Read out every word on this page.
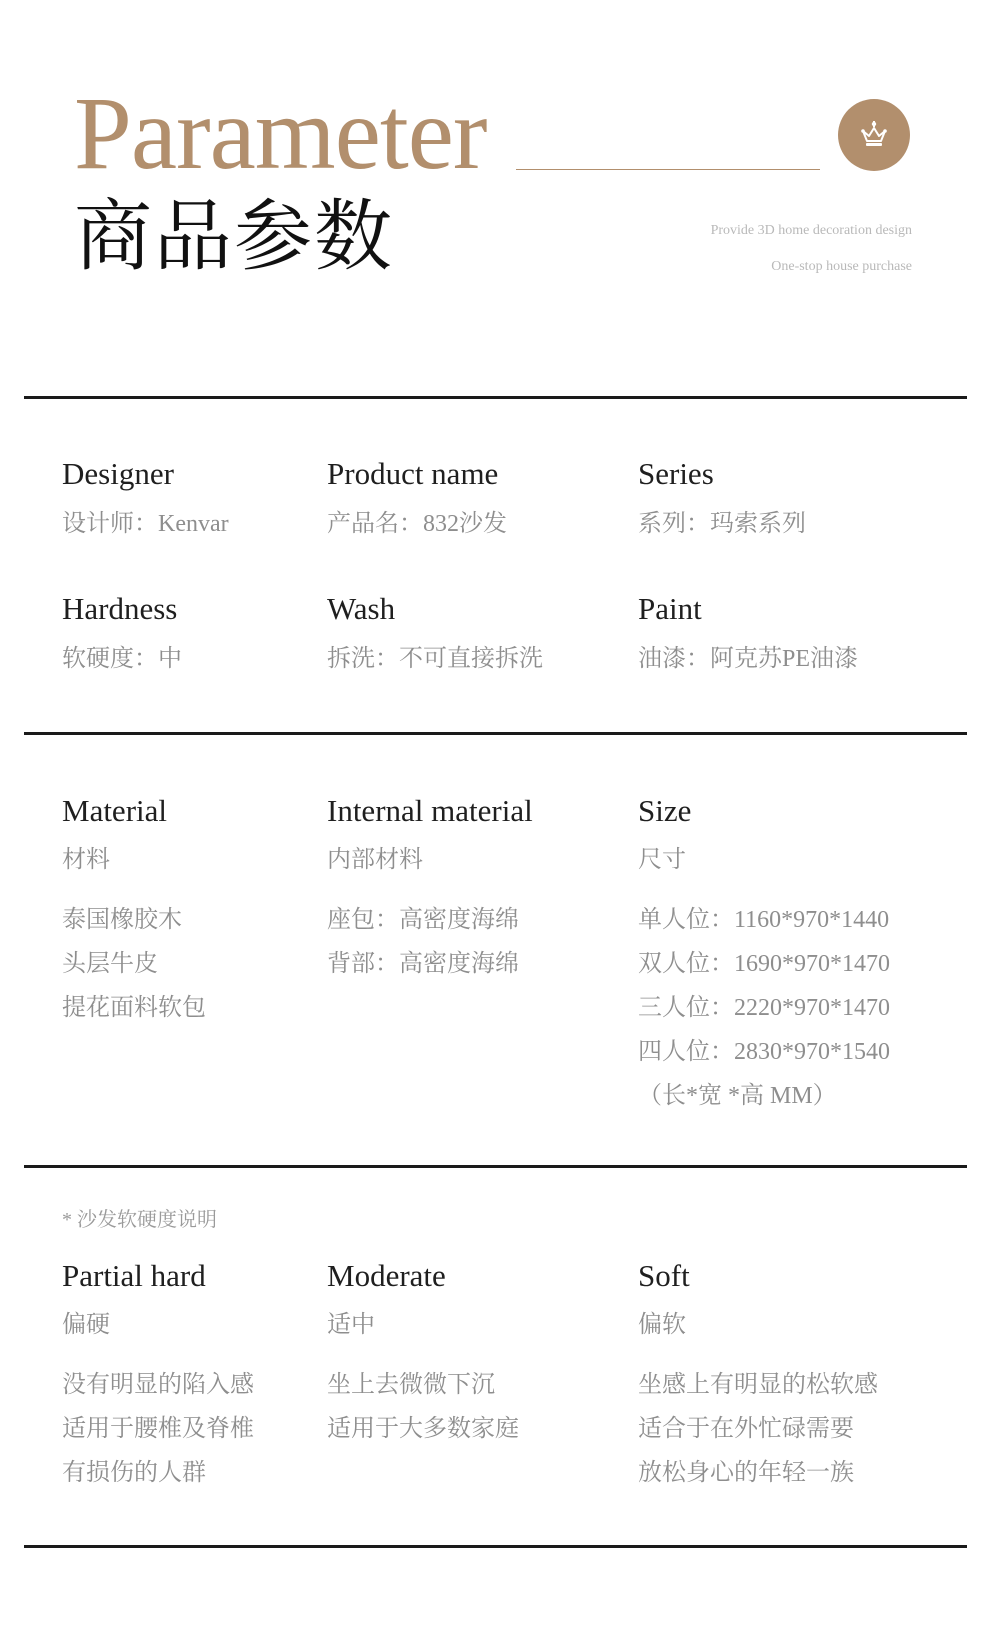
Parameter
商品参数	Provide 3D home decoration design
One-stop house purchase
Designer
设计师：Kenvar
Product name
产品名：832沙发
Series
系列：玛索系列
Hardness
软硬度：中
Wash
拆洗：不可直接拆洗
Paint
油漆：阿克苏PE油漆
Material
材料
泰国橡胶木
头层牛皮
提花面料软包
Internal material
内部材料
座包：高密度海绵
背部：高密度海绵
Size
尺寸
单人位：1160*970*1440
双人位：1690*970*1470
三人位：2220*970*1470
四人位：2830*970*1540
（长*宽 *高 MM）
* 沙发软硬度说明
Partial hard
偏硬
没有明显的陷入感
适用于腰椎及脊椎
有损伤的人群
Moderate
适中
坐上去微微下沉
适用于大多数家庭
Soft
偏软
坐感上有明显的松软感
适合于在外忙碌需要
放松身心的年轻一族
